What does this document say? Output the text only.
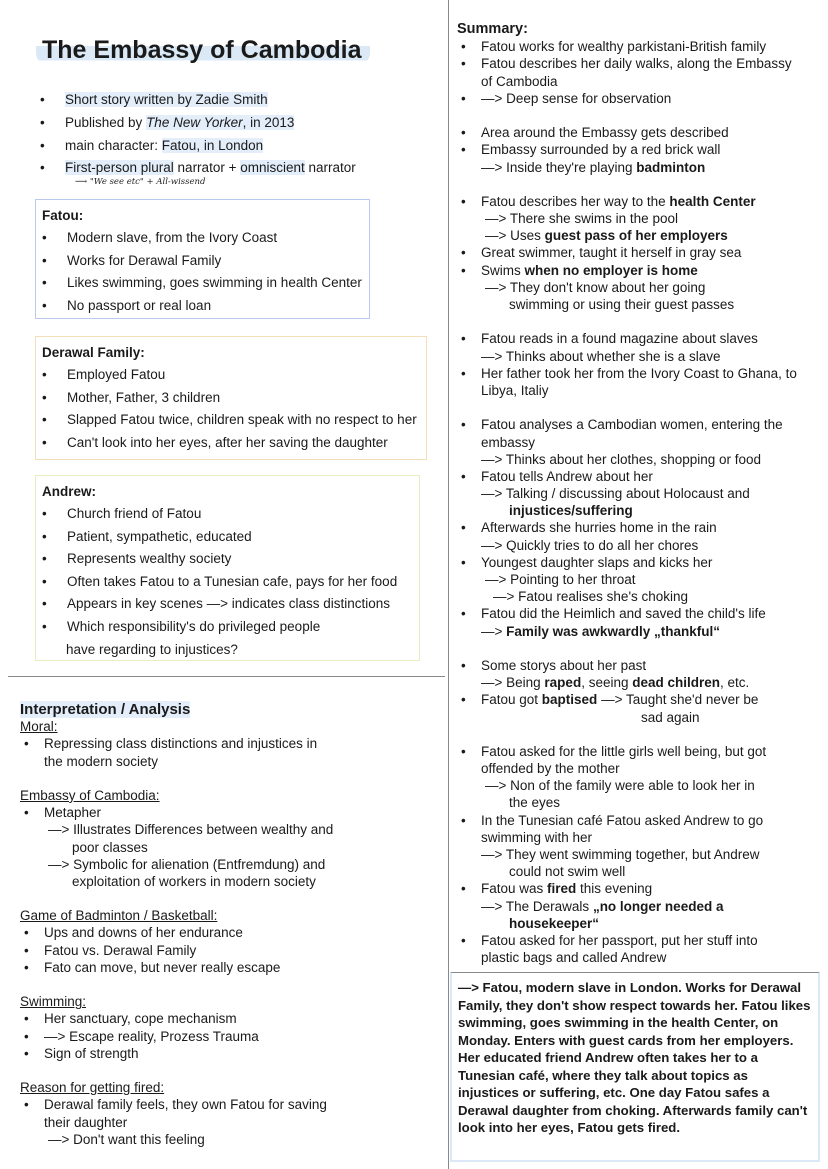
The Embassy of Cambodia
•	Short story written by Zadie Smith
•	Published by The New Yorker, in 2013
•	main character: Fatou, in London
•	First-person plural narrator + omniscient narrator
⟶ "We see etc" + All-wissend
Fatou:
•	Modern slave, from the Ivory Coast
•	Works for Derawal Family
•	Likes swimming, goes swimming in health Center
•	No passport or real loan
Derawal Family:
•	Employed Fatou
•	Mother, Father, 3 children
•	Slapped Fatou twice, children speak with no respect to her
•	Can't look into her eyes, after her saving the daughter
Andrew:
•	Church friend of Fatou
•	Patient, sympathetic, educated
•	Represents wealthy society
•	Often takes Fatou to a Tunesian cafe, pays for her food
•	Appears in key scenes —> indicates class distinctions
•	Which responsibility's do privileged people
have regarding to injustices?
Interpretation / Analysis
Moral:
• Repressing class distinctions and injustices in
the modern society
Embassy of Cambodia:
• Metapher
—> Illustrates Differences between wealthy and
poor classes
—> Symbolic for alienation (Entfremdung) and
exploitation of workers in modern society
Game of Badminton / Basketball:
• Ups and downs of her endurance
• Fatou vs. Derawal Family
• Fato can move, but never really escape
Swimming:
• Her sanctuary, cope mechanism
• —> Escape reality, Prozess Trauma
• Sign of strength
Reason for getting fired:
• Derawal family feels, they own Fatou for saving
their daughter
—> Don't want this feeling
Summary:
• Fatou works for wealthy parkistani-British family
• Fatou describes her daily walks, along the Embassy
of Cambodia
• —> Deep sense for observation
• Area around the Embassy gets described
• Embassy surrounded by a red brick wall
—> Inside they're playing badminton
• Fatou describes her way to the health Center
—> There she swims in the pool
—> Uses guest pass of her employers
• Great swimmer, taught it herself in gray sea
• Swims when no employer is home
—> They don't know about her going
swimming or using their guest passes
• Fatou reads in a found magazine about slaves
—> Thinks about whether she is a slave
• Her father took her from the Ivory Coast to Ghana, to
Libya, Italiy
• Fatou analyses a Cambodian women, entering the
embassy
—> Thinks about her clothes, shopping or food
• Fatou tells Andrew about her
—> Talking / discussing about Holocaust and
injustices/suffering
• Afterwards she hurries home in the rain
—> Quickly tries to do all her chores
• Youngest daughter slaps and kicks her
—> Pointing to her throat
—> Fatou realises she's choking
• Fatou did the Heimlich and saved the child's life
—> Family was awkwardly „thankful“
• Some storys about her past
—> Being raped, seeing dead children, etc.
• Fatou got baptised —> Taught she'd never be
sad again
• Fatou asked for the little girls well being, but got
offended by the mother
—> Non of the family were able to look her in
the eyes
• In the Tunesian café Fatou asked Andrew to go
swimming with her
—> They went swimming together, but Andrew
could not swim well
• Fatou was fired this evening
—> The Derawals „no longer needed a
housekeeper“
• Fatou asked for her passport, put her stuff into
plastic bags and called Andrew
—> Fatou, modern slave in London. Works for Derawal Family, they don't show respect towards her. Fatou likes swimming, goes swimming in the health Center, on Monday. Enters with guest cards from her employers. Her educated friend Andrew often takes her to a Tunesian café, where they talk about topics as injustices or suffering, etc. One day Fatou safes a Derawal daughter from choking. Afterwards family can't look into her eyes, Fatou gets fired.
